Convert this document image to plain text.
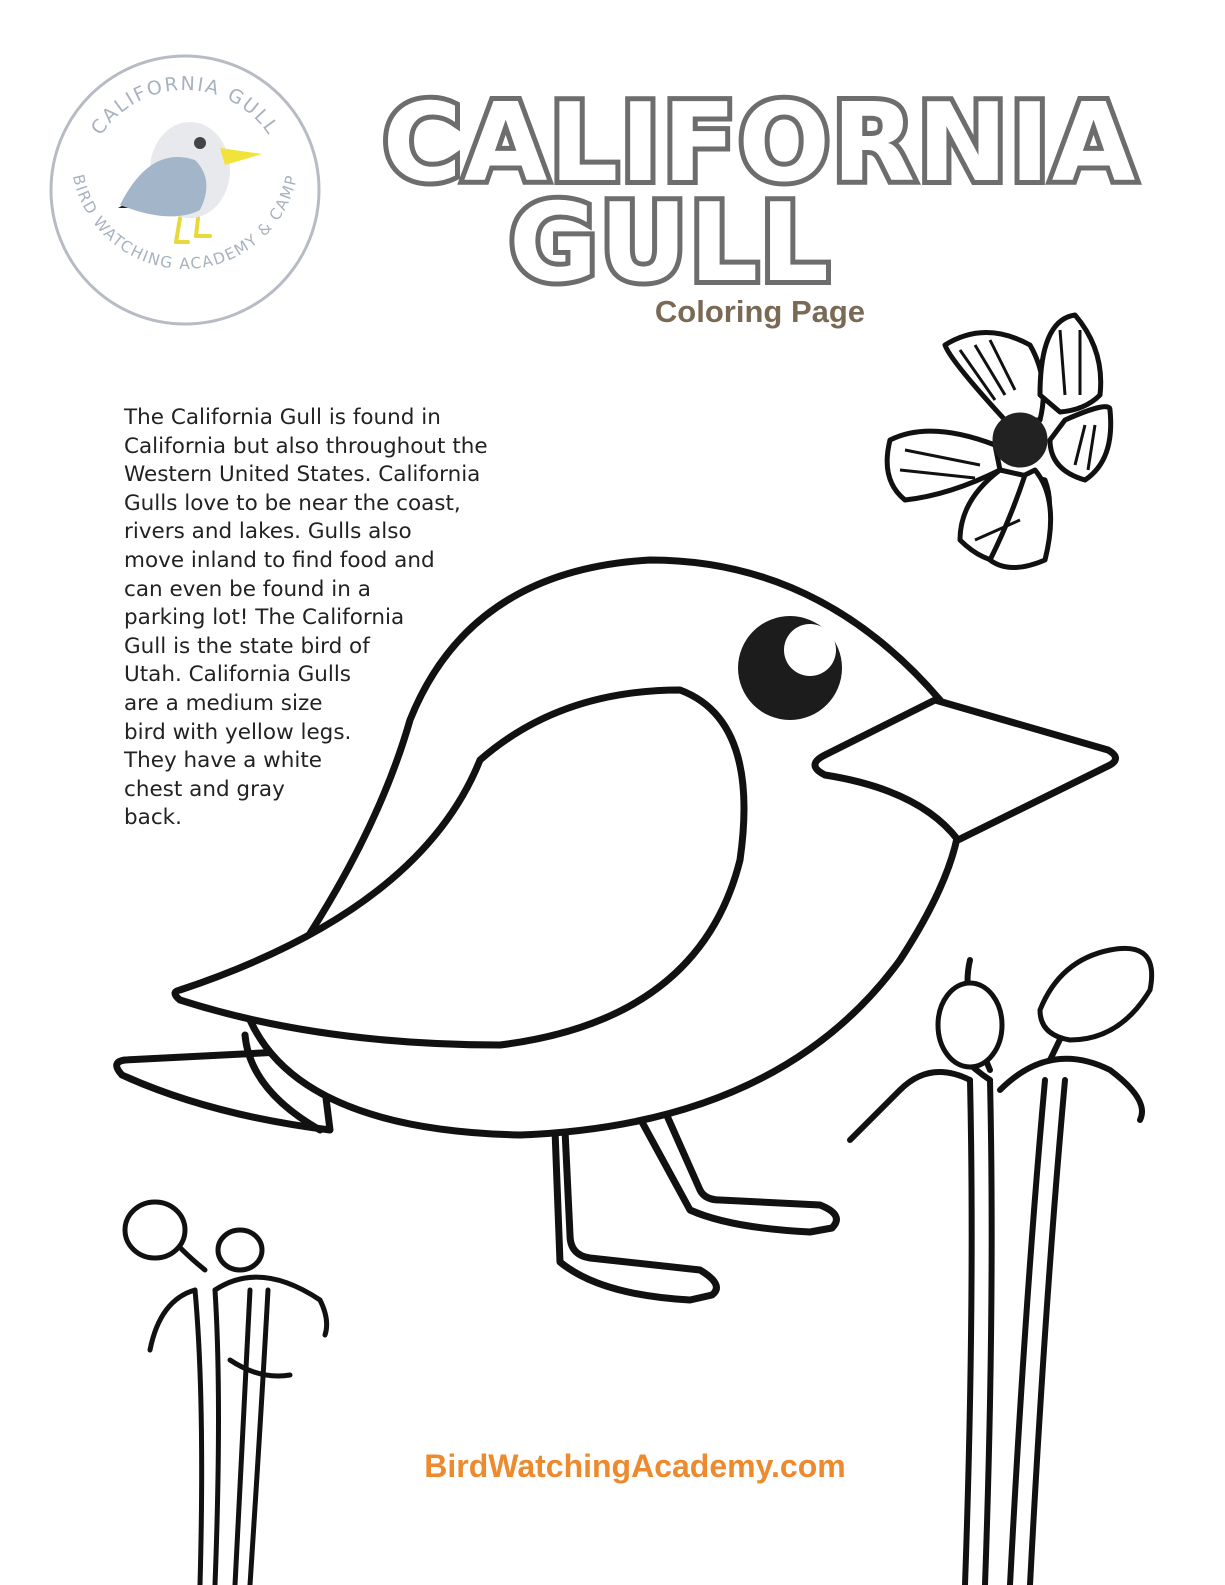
CALIFORNIA GULL
BIRD WATCHING ACADEMY & CAMP CALIFORNIA
GULL
Coloring Page
The California Gull is found in
California but also throughout the
Western United States. California
Gulls love to be near the coast,
rivers and lakes. Gulls also
move inland to find food and
can even be found in a
parking lot! The California
Gull is the state bird of
Utah. California Gulls
are a medium size
bird with yellow legs.
They have a white
chest and gray
back.
BirdWatchingAcademy.com
